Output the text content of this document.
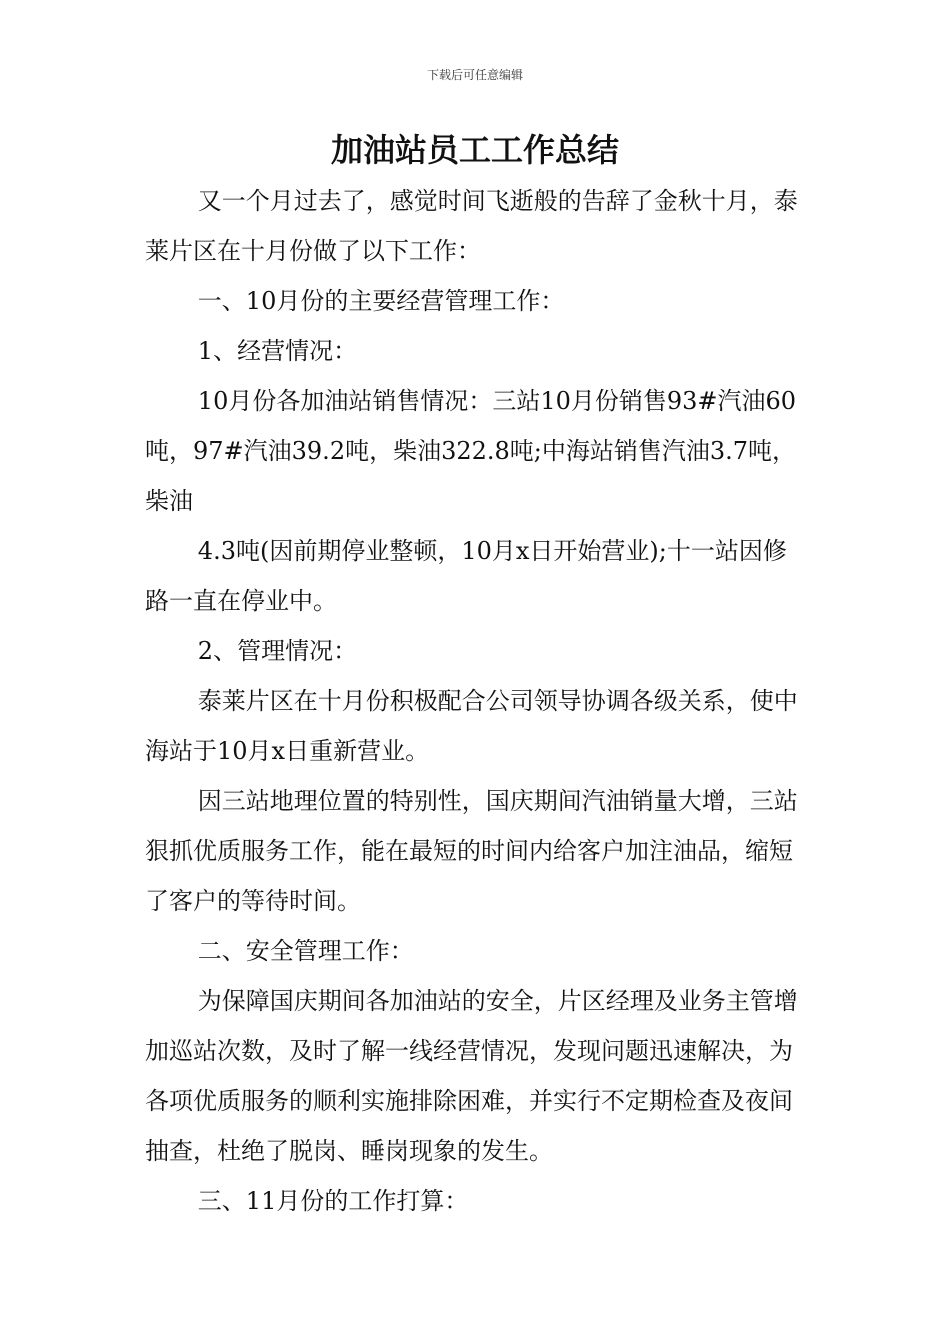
下载后可任意编辑
加油站员工工作总结

又一个月过去了，感觉时间飞逝般的告辞了金秋十月，泰莱片区在十月份做了以下工作：

一、10月份的主要经营管理工作：

1、经营情况：

10月份各加油站销售情况：三站10月份销售93#汽油60吨，97#汽油39.2吨，柴油322.8吨;中海站销售汽油3.7吨，柴油

4.3吨(因前期停业整顿，10月x日开始营业);十一站因修路一直在停业中。

2、管理情况：

泰莱片区在十月份积极配合公司领导协调各级关系，使中海站于10月x日重新营业。

因三站地理位置的特别性，国庆期间汽油销量大增，三站狠抓优质服务工作，能在最短的时间内给客户加注油品，缩短了客户的等待时间。

二、安全管理工作：

为保障国庆期间各加油站的安全，片区经理及业务主管增加巡站次数，及时了解一线经营情况，发现问题迅速解决，为各项优质服务的顺利实施排除困难，并实行不定期检查及夜间抽查，杜绝了脱岗、睡岗现象的发生。

三、11月份的工作打算：
